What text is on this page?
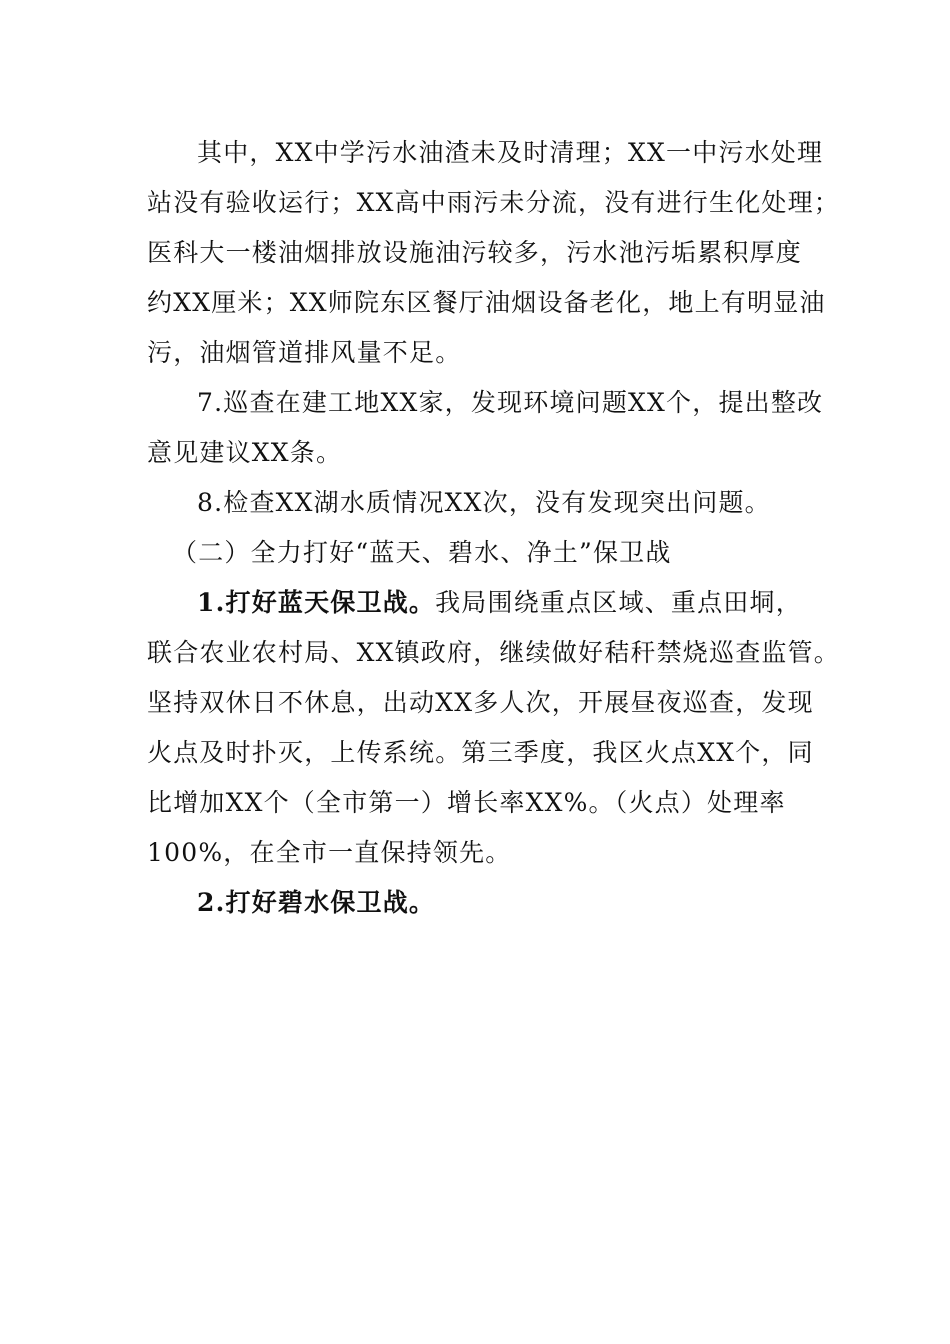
其中，XX中学污水油渣未及时清理；XX一中污水处理
站没有验收运行；XX高中雨污未分流，没有进行生化处理；
医科大一楼油烟排放设施油污较多，污水池污垢累积厚度
约XX厘米；XX师院东区餐厅油烟设备老化，地上有明显油
污，油烟管道排风量不足。
7.巡查在建工地XX家，发现环境问题XX个，提出整改
意见建议XX条。
8.检查XX湖水质情况XX次，没有发现突出问题。
（二）全力打好“蓝天、碧水、净土”保卫战
1.打好蓝天保卫战。我局围绕重点区域、重点田垌，
联合农业农村局、XX镇政府，继续做好秸秆禁烧巡查监管。
坚持双休日不休息，出动XX多人次，开展昼夜巡查，发现
火点及时扑灭，上传系统。第三季度，我区火点XX个，同
比增加XX个（全市第一）增长率XX%。（火点）处理率
100%，在全市一直保持领先。
2.打好碧水保卫战。
